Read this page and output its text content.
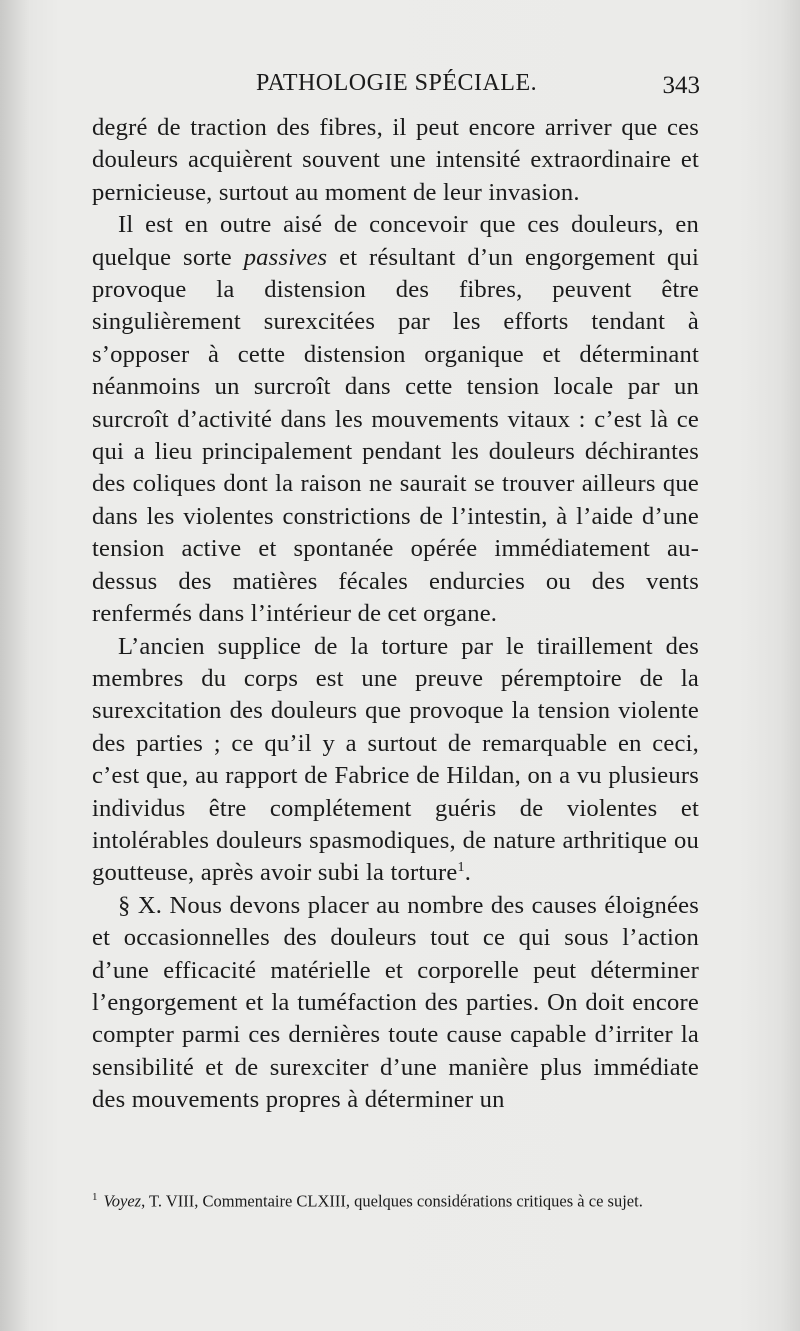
PATHOLOGIE SPÉCIALE.	343

degré de traction des fibres, il peut encore arriver que ces douleurs acquièrent souvent une intensité extraordinaire et pernicieuse, surtout au moment de leur invasion.

Il est en outre aisé de concevoir que ces douleurs, en quelque sorte passives et résultant d’un engorgement qui provoque la distension des fibres, peuvent être singulièrement surexcitées par les efforts tendant à s’opposer à cette distension organique et déterminant néanmoins un surcroît dans cette tension locale par un surcroît d’activité dans les mouvements vitaux : c’est là ce qui a lieu principalement pendant les douleurs déchirantes des coliques dont la raison ne saurait se trouver ailleurs que dans les violentes constrictions de l’intestin, à l’aide d’une tension active et spontanée opérée immédiatement au-dessus des matières fécales endurcies ou des vents renfermés dans l’intérieur de cet organe.

L’ancien supplice de la torture par le tiraillement des membres du corps est une preuve péremptoire de la surexcitation des douleurs que provoque la tension violente des parties ; ce qu’il y a surtout de remarquable en ceci, c’est que, au rapport de Fabrice de Hildan, on a vu plusieurs individus être complétement guéris de violentes et intolérables douleurs spasmodiques, de nature arthritique ou goutteuse, après avoir subi la torture$^1$.

§ X. Nous devons placer au nombre des causes éloignées et occasionnelles des douleurs tout ce qui sous l’action d’une efficacité matérielle et corporelle peut déterminer l’engorgement et la tuméfaction des parties. On doit encore compter parmi ces dernières toute cause capable d’irriter la sensibilité et de surexciter d’une manière plus immédiate des mouvements propres à déterminer un

$^1$ Voyez, T. VIII, Commentaire CLXIII, quelques considérations critiques à ce sujet.
